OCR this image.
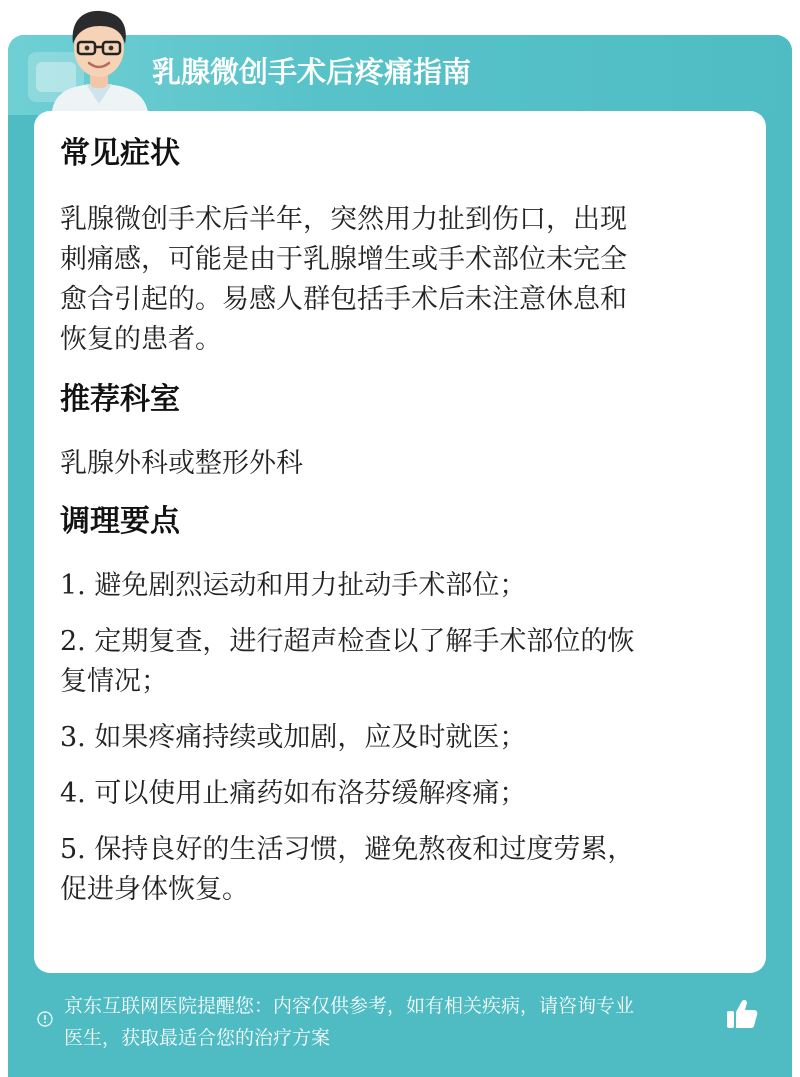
乳腺微创手术后疼痛指南

常见症状

乳腺微创手术后半年，突然用力扯到伤口，出现

刺痛感，可能是由于乳腺增生或手术部位未完全

愈合引起的。易感人群包括手术后未注意休息和

恢复的患者。

推荐科室

乳腺外科或整形外科

调理要点

1. 避免剧烈运动和用力扯动手术部位；

2. 定期复查，进行超声检查以了解手术部位的恢

复情况；

3. 如果疼痛持续或加剧，应及时就医；

4. 可以使用止痛药如布洛芬缓解疼痛；

5. 保持良好的生活习惯，避免熬夜和过度劳累，

促进身体恢复。

京东互联网医院提醒您：内容仅供参考，如有相关疾病，请咨询专业
医生，获取最适合您的治疗方案
